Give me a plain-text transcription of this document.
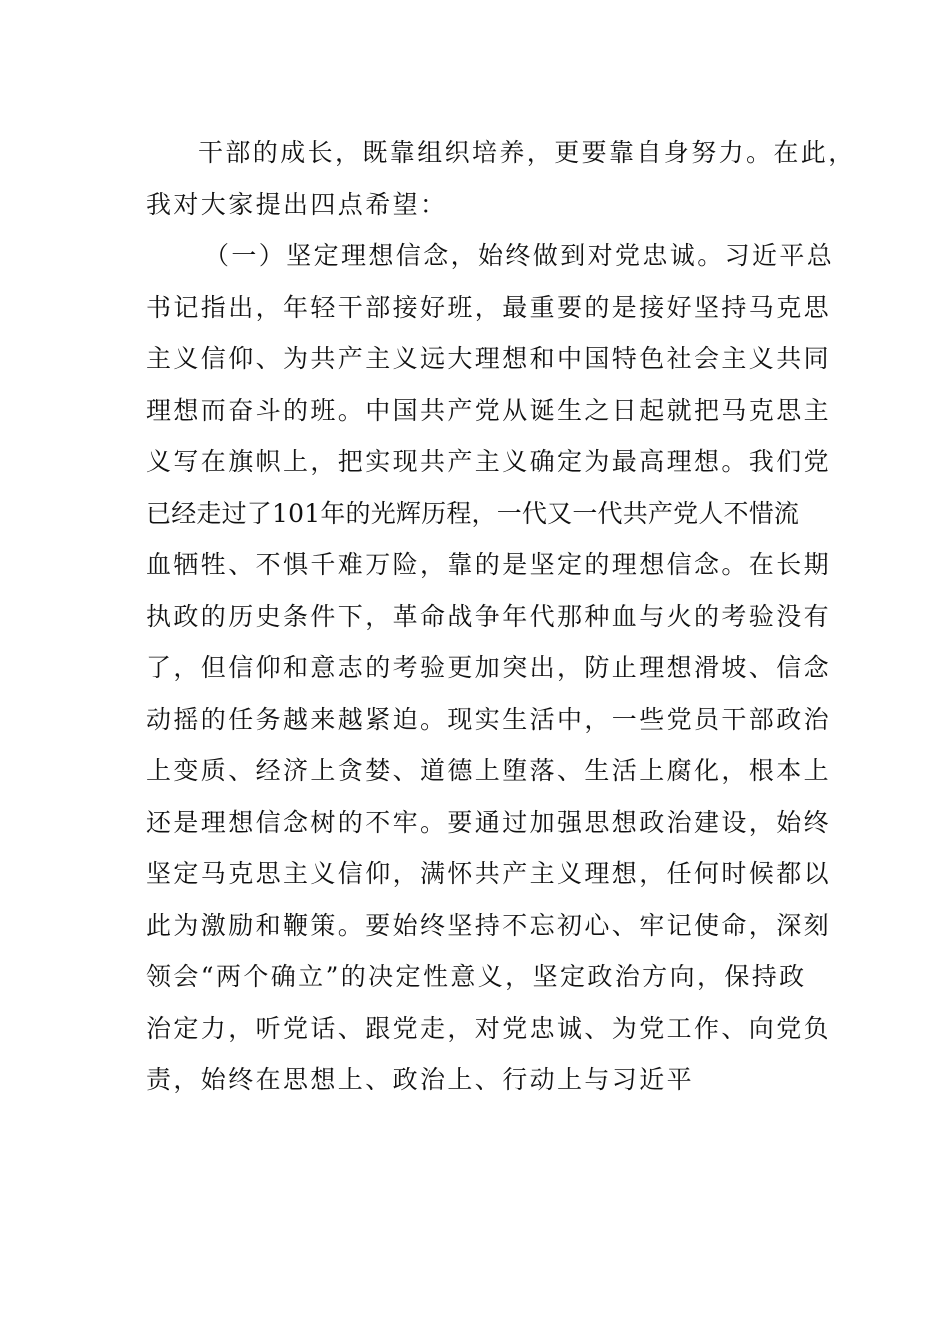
干部的成长，既靠组织培养，更要靠自身努力。在此，
我对大家提出四点希望：
（一）坚定理想信念，始终做到对党忠诚。习近平总
书记指出，年轻干部接好班，最重要的是接好坚持马克思
主义信仰、为共产主义远大理想和中国特色社会主义共同
理想而奋斗的班。中国共产党从诞生之日起就把马克思主
义写在旗帜上，把实现共产主义确定为最高理想。我们党
已经走过了101年的光辉历程，一代又一代共产党人不惜流
血牺牲、不惧千难万险，靠的是坚定的理想信念。在长期
执政的历史条件下，革命战争年代那种血与火的考验没有
了，但信仰和意志的考验更加突出，防止理想滑坡、信念
动摇的任务越来越紧迫。现实生活中，一些党员干部政治
上变质、经济上贪婪、道德上堕落、生活上腐化，根本上
还是理想信念树的不牢。要通过加强思想政治建设，始终
坚定马克思主义信仰，满怀共产主义理想，任何时候都以
此为激励和鞭策。要始终坚持不忘初心、牢记使命，深刻
领会“两个确立”的决定性意义，坚定政治方向，保持政
治定力，听党话、跟党走，对党忠诚、为党工作、向党负
责，始终在思想上、政治上、行动上与习近平
